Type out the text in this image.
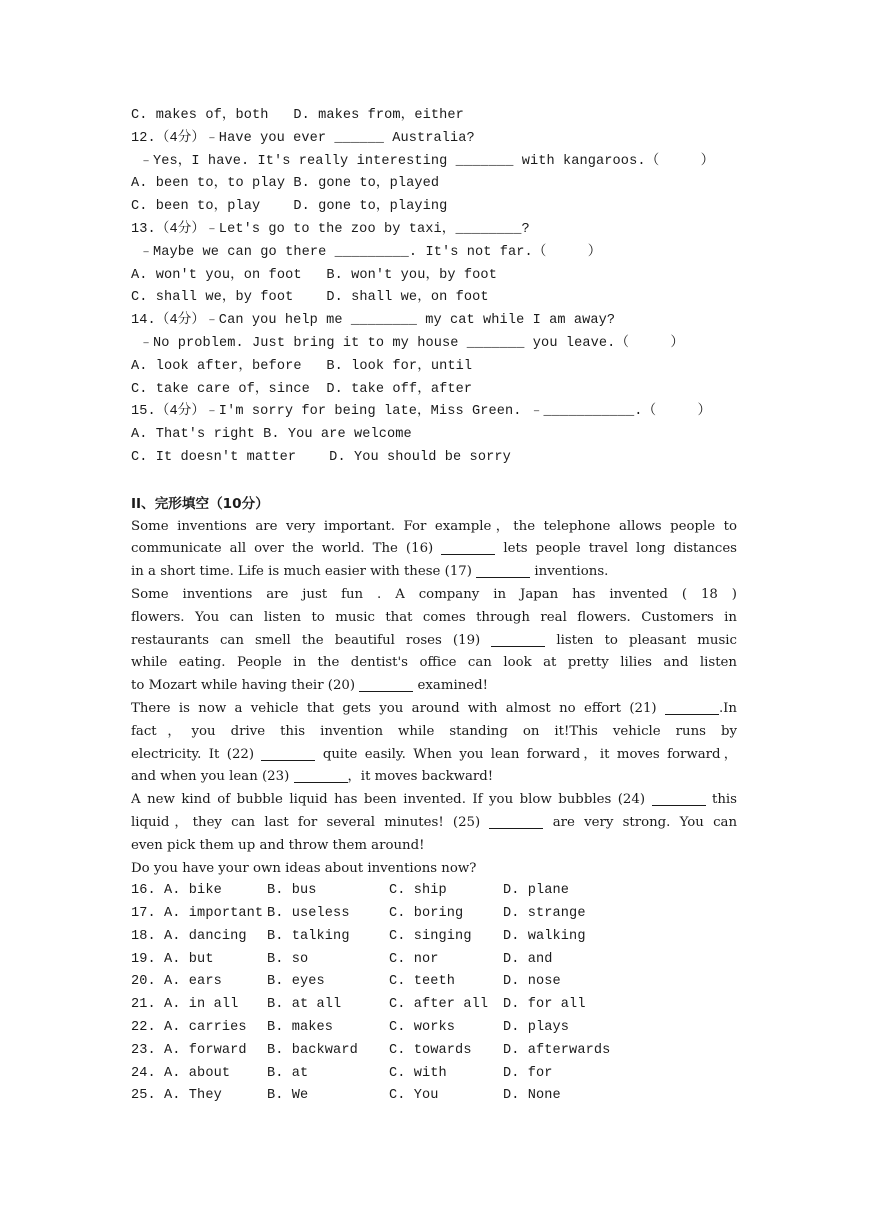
C. makes of，both   D. makes from，either
12.（4分）﹣Have you ever ______ Australia?
﹣Yes，I have. It's really interesting _______ with kangaroos.（     ）
A. been to，to play B. gone to，played
C. been to，play    D. gone to，playing
13.（4分）﹣Let's go to the zoo by taxi，________?
﹣Maybe we can go there _________. It's not far.（     ）
A. won't you，on foot   B. won't you，by foot
C. shall we，by foot    D. shall we，on foot
14.（4分）﹣Can you help me ________ my cat while I am away?
﹣No problem. Just bring it to my house _______ you leave.（     ）
A. look after，before   B. look for，until
C. take care of，since  D. take off，after
15.（4分）﹣I'm sorry for being late，Miss Green. ﹣___________.（     ）
A. That's right B. You are welcome
C. It doesn't matter    D. You should be sorry
II、完形填空（10分）
Some inventions are very important. For example，the telephone allows people to
communicate all over the world. The (16)	lets people travel long distances
in a short time. Life is much easier with these (17)	inventions.
Some inventions are just fun . A company in Japan has invented ( 18 )
flowers. You can listen to music that comes through real flowers. Customers in
restaurants can smell the beautiful roses (19)	listen to pleasant music
while eating. People in the dentist's office can look at pretty lilies and listen
to Mozart while having their (20)	examined!
There is now a vehicle that gets you around with almost no effort (21)	.In
fact，you drive this invention while standing on it!This vehicle runs by
electricity. It (22)	quite easily. When you lean forward，it moves forward，
and when you lean (23)	，it moves backward!
A new kind of bubble liquid has been invented. If you blow bubbles (24)	this
liquid，they can last for several minutes! (25)	are very strong. You can
even pick them up and throw them around!
Do you have your own ideas about inventions now?
16. A. bike	B. bus	C. ship	D. plane
17. A. important B. useless	C. boring	D. strange
18. A. dancing	B. talking	C. singing	D. walking
19. A. but	B. so	C. nor	D. and
20. A. ears	B. eyes	C. teeth	D. nose
21. A. in all	B. at all	C. after all	D. for all
22. A. carries	B. makes	C. works	D. plays
23. A. forward	B. backward	C. towards	D. afterwards
24. A. about	B. at	C. with	D. for
25. A. They	B. We	C. You	D. None
